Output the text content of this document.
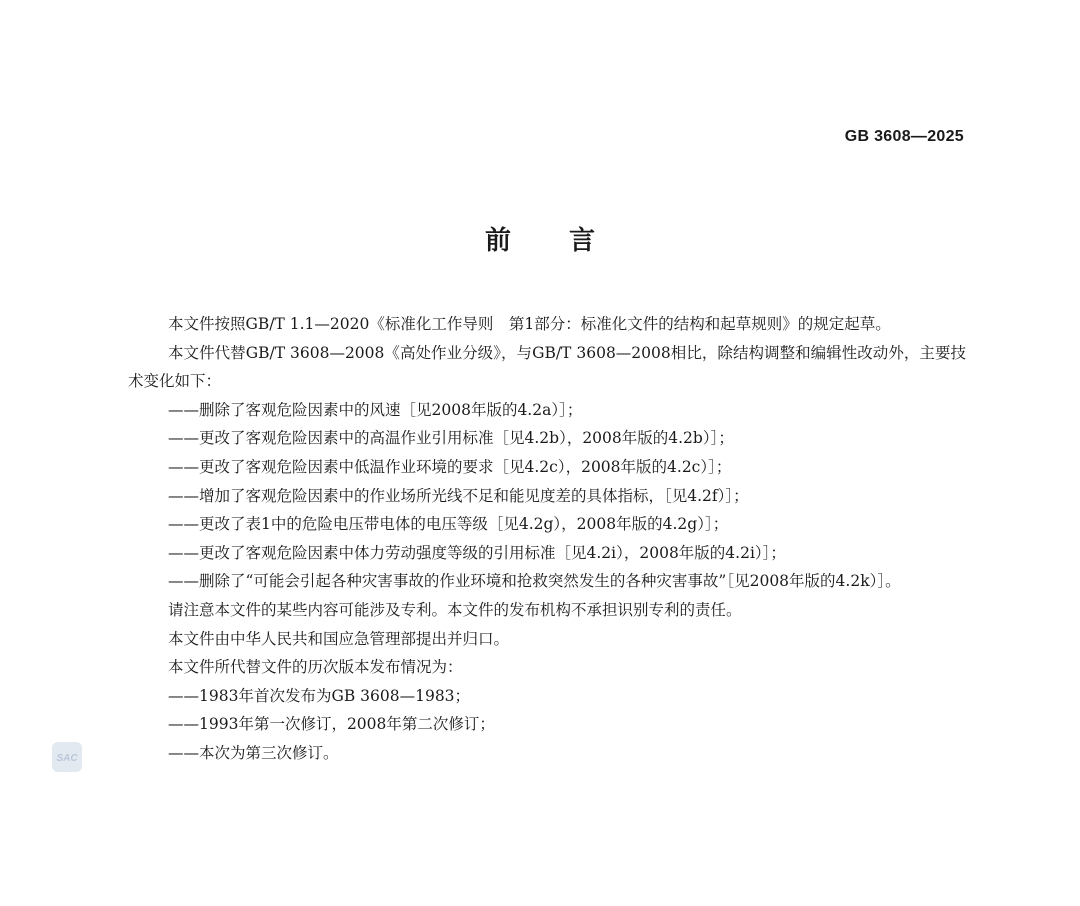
GB 3608—2025
前言

本文件按照GB/T 1.1—2020《标准化工作导则　第1部分：标准化文件的结构和起草规则》的规定起草。

本文件代替GB/T 3608—2008《高处作业分级》，与GB/T 3608—2008相比，除结构调整和编辑性改动外，主要技术变化如下：

——删除了客观危险因素中的风速［见2008年版的4.2a）］；

——更改了客观危险因素中的高温作业引用标准［见4.2b），2008年版的4.2b）］；

——更改了客观危险因素中低温作业环境的要求［见4.2c），2008年版的4.2c）］；

——增加了客观危险因素中的作业场所光线不足和能见度差的具体指标，［见4.2f）］；

——更改了表1中的危险电压带电体的电压等级［见4.2g），2008年版的4.2g）］；

——更改了客观危险因素中体力劳动强度等级的引用标准［见4.2i），2008年版的4.2i）］；

——删除了“可能会引起各种灾害事故的作业环境和抢救突然发生的各种灾害事故”［见2008年版的4.2k）］。

请注意本文件的某些内容可能涉及专利。本文件的发布机构不承担识别专利的责任。

本文件由中华人民共和国应急管理部提出并归口。

本文件所代替文件的历次版本发布情况为：

——1983年首次发布为GB 3608—1983；

——1993年第一次修订，2008年第二次修订；

——本次为第三次修订。

SAC
